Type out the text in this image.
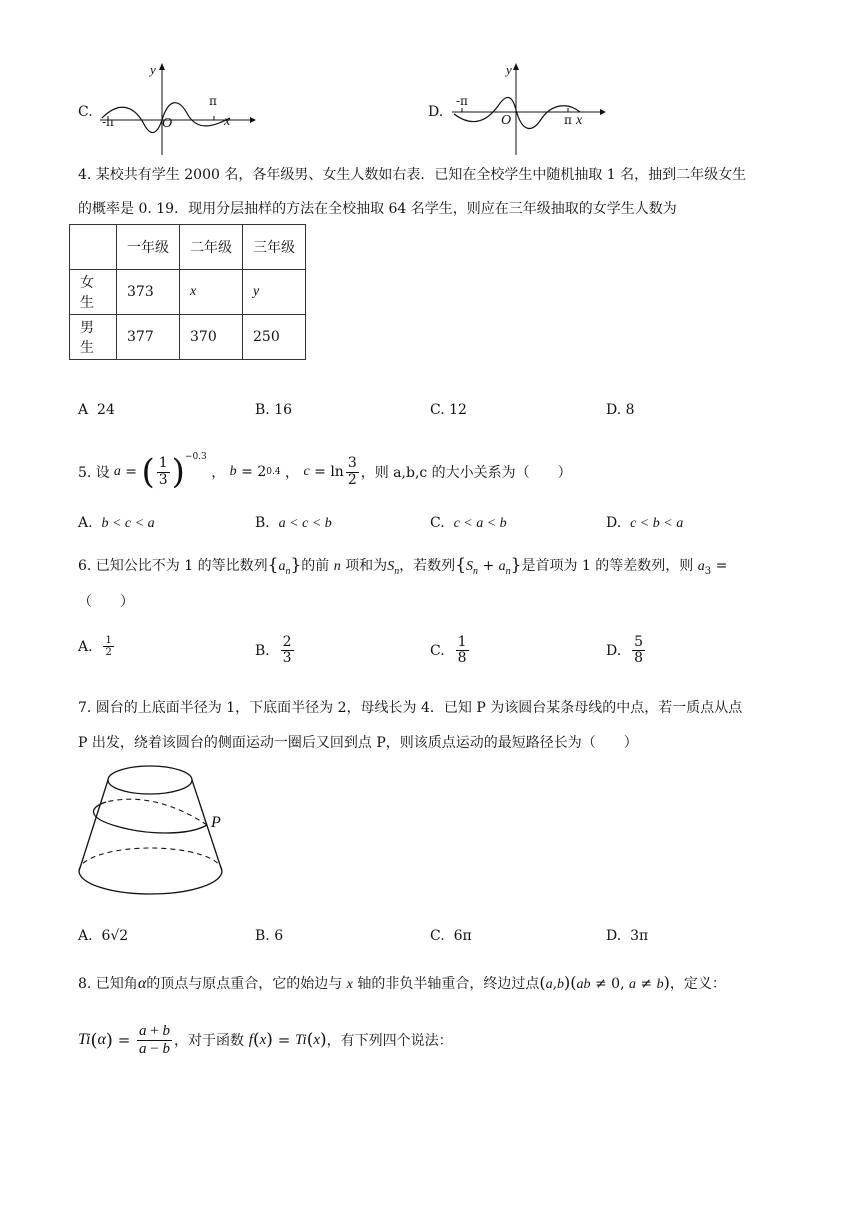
C.
y
O	x
-π
π
D.
y
O	x
-π
π
4. 某校共有学生 2000 名，各年级男、女生人数如右表．已知在全校学生中随机抽取 1 名，抽到二年级女生
的概率是 0. 19．现用分层抽样的方法在全校抽取 64 名学生，则应在三年级抽取的女学生人数为
	一年级	二年级	三年级
女生	373	x	y
男生	377	370	250
A 24	B. 16	C. 12	D. 8
5. 设 a = ( $\frac{1}{3}$ ) −0.3
， b = 2 0.4 ， $c = \ln \frac{3}{2}$ ，则 a,b,c 的大小关系为（　　）
A. b < c < a	B. a < c < b	C. c < a < b	D. c < b < a
6. 已知公比不为 1 的等比数列$\{a_n\}$的前 n 项和为$S_n$，若数列$\{S_n + a_n\}$是首项为 1 的等差数列，则 $a_3$ =
（　　）
A.
$\frac{1}{2}$	B.
$\frac{2}{3}$	C.
$\frac{1}{8}$	D.
$\frac{5}{8}$
7. 圆台的上底面半径为 1，下底面半径为 2，母线长为 4．已知 P 为该圆台某条母线的中点，若一质点从点
P 出发，绕着该圆台的侧面运动一圈后又回到点 P，则该质点运动的最短路径长为（　　）
P
A. 6√2	B. 6	C. 6π	D. 3π
8. 已知角α的顶点与原点重合，它的始边与 x 轴的非负半轴重合，终边过点(a,b)(ab ≠ 0, a ≠ b)，定义：
Ti ( α ) = $\frac{a + b}{a - b}$ ，对于函数
f ( x ) = Ti ( x ) ，有下列四个说法：
